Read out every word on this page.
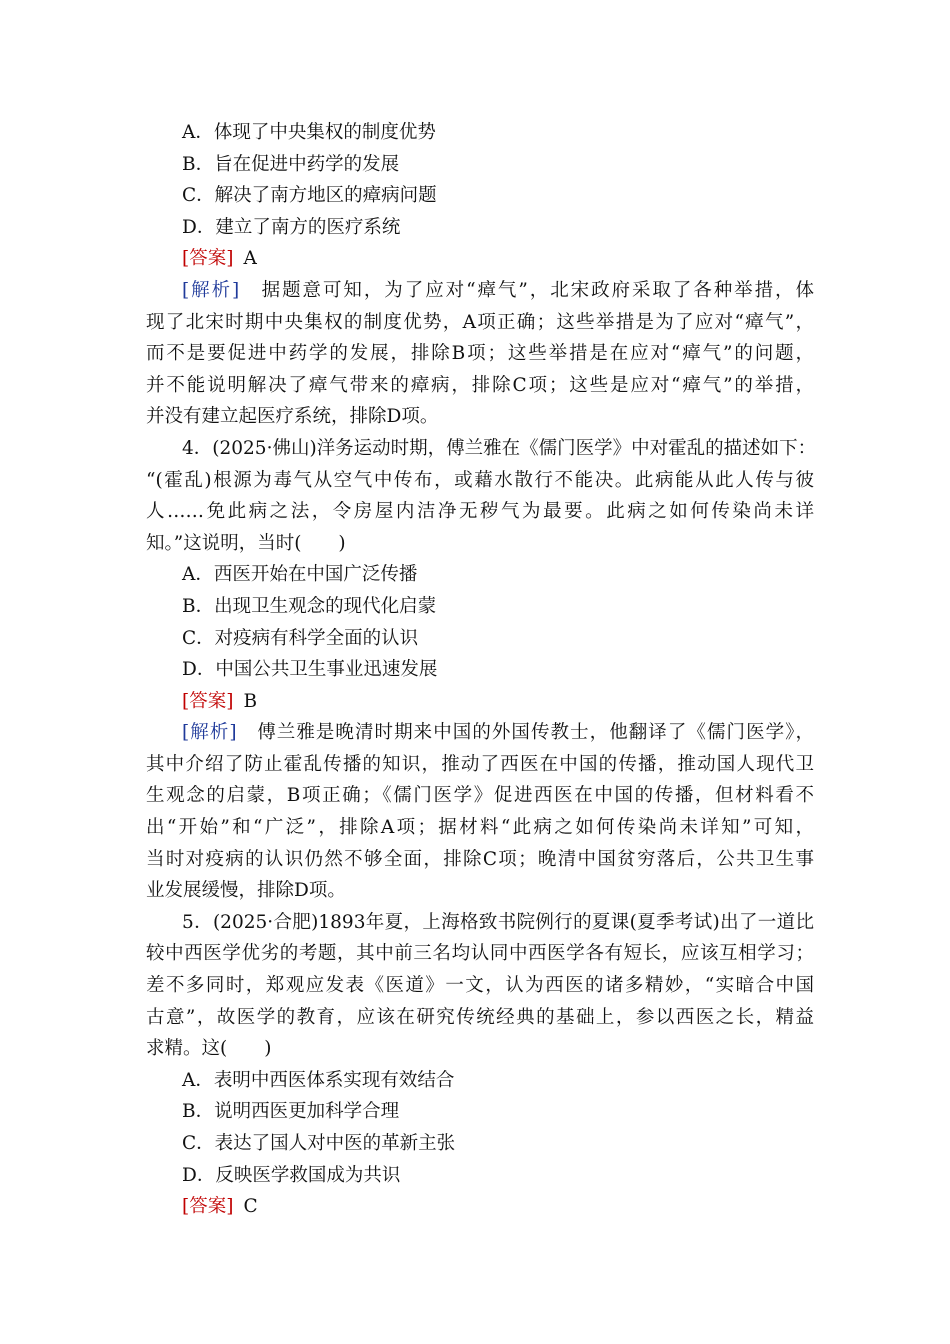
A．体现了中央集权的制度优势
B．旨在促进中药学的发展
C．解决了南方地区的瘴病问题
D．建立了南方的医疗系统
[答案] A
[解析]　 据题意可知，为了应对“瘴气”，北宋政府采取了各种举措，体
现了北宋时期中央集权的制度优势，A项正确；这些举措是为了应对“瘴气”，
而不是要促进中药学的发展，排除B项；这些举措是在应对“瘴气”的问题，
并不能说明解决了瘴气带来的瘴病，排除C项；这些是应对“瘴气”的举措，
并没有建立起医疗系统，排除D项。
4．(2025·佛山)洋务运动时期，傅兰雅在《儒门医学》中对霍乱的描述如下：
“(霍乱)根源为毒气从空气中传布，或藉水散行不能决。此病能从此人传与彼
人……免此病之法，令房屋内洁净无秽气为最要。此病之如何传染尚未详
知。”这说明，当时(　　)
A．西医开始在中国广泛传播
B．出现卫生观念的现代化启蒙
C．对疫病有科学全面的认识
D．中国公共卫生事业迅速发展
[答案] B
[解析]　 傅兰雅是晚清时期来中国的外国传教士，他翻译了《儒门医学》，
其中介绍了防止霍乱传播的知识，推动了西医在中国的传播，推动国人现代卫
生观念的启蒙，B项正确；《儒门医学》促进西医在中国的传播，但材料看不
出“开始”和“广泛”，排除A项；据材料“此病之如何传染尚未详知”可知，
当时对疫病的认识仍然不够全面，排除C项；晚清中国贫穷落后，公共卫生事
业发展缓慢，排除D项。
5．(2025·合肥)1893年夏，上海格致书院例行的夏课(夏季考试)出了一道比
较中西医学优劣的考题，其中前三名均认同中西医学各有短长，应该互相学习；
差不多同时，郑观应发表《医道》一文，认为西医的诸多精妙，“实暗合中国
古意”，故医学的教育，应该在研究传统经典的基础上，参以西医之长，精益
求精。这(　　)
A．表明中西医体系实现有效结合
B．说明西医更加科学合理
C．表达了国人对中医的革新主张
D．反映医学救国成为共识
[答案] C
